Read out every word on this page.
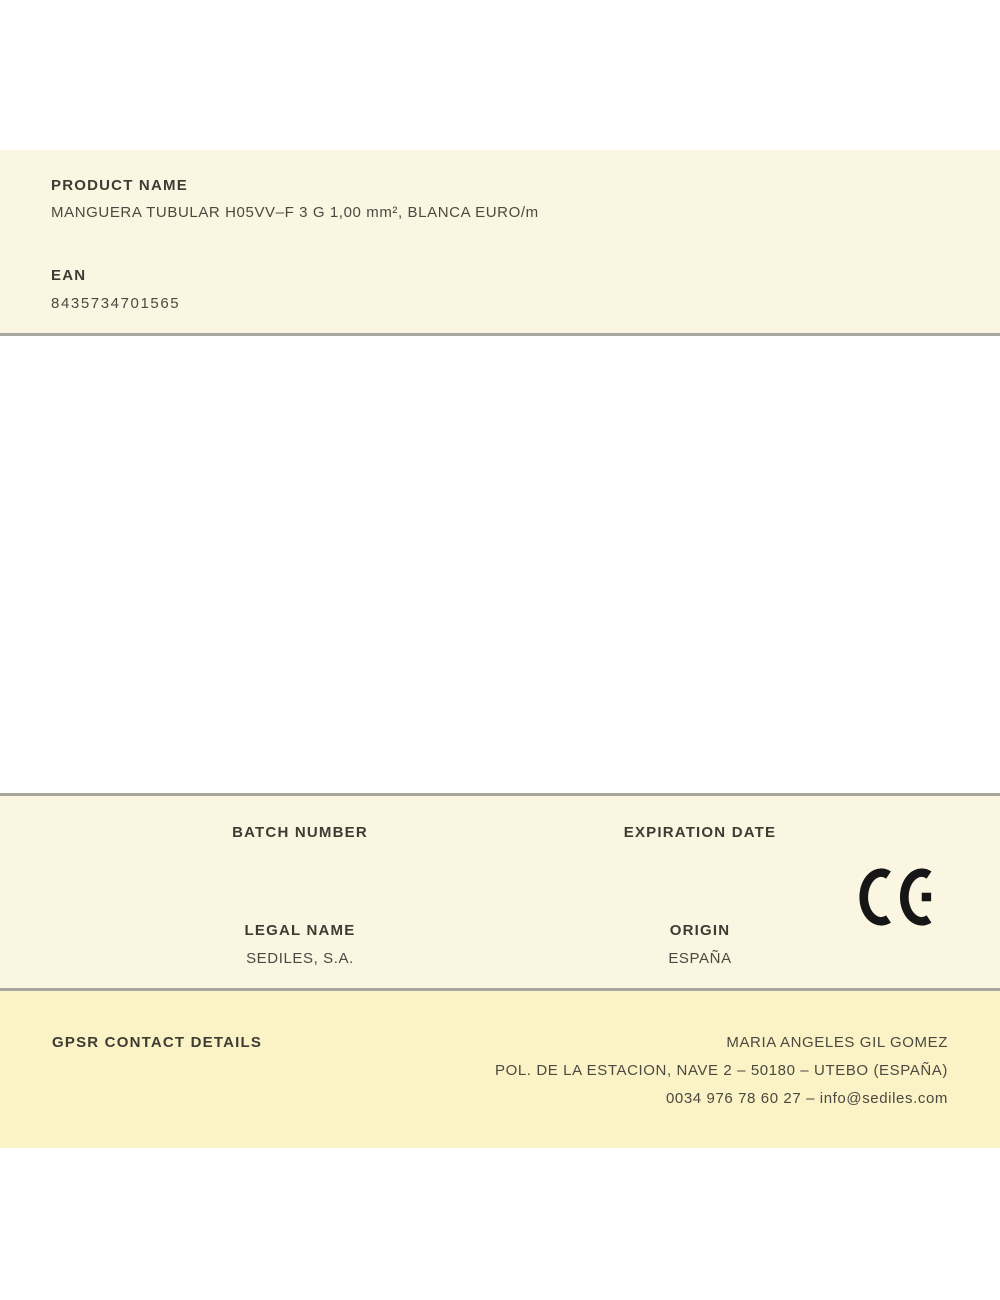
PRODUCT NAME
MANGUERA TUBULAR H05VV–F 3 G 1,00 mm², BLANCA EURO/m
EAN
8435734701565
BATCH NUMBER	EXPIRATION DATE
LEGAL NAME
SEDILES, S.A.
ORIGIN
ESPAÑA
GPSR CONTACT DETAILS	MARIA ANGELES GIL GOMEZ
POL. DE LA ESTACION, NAVE 2 – 50180 – UTEBO (ESPAÑA)
0034 976 78 60 27 – info@sediles.com
